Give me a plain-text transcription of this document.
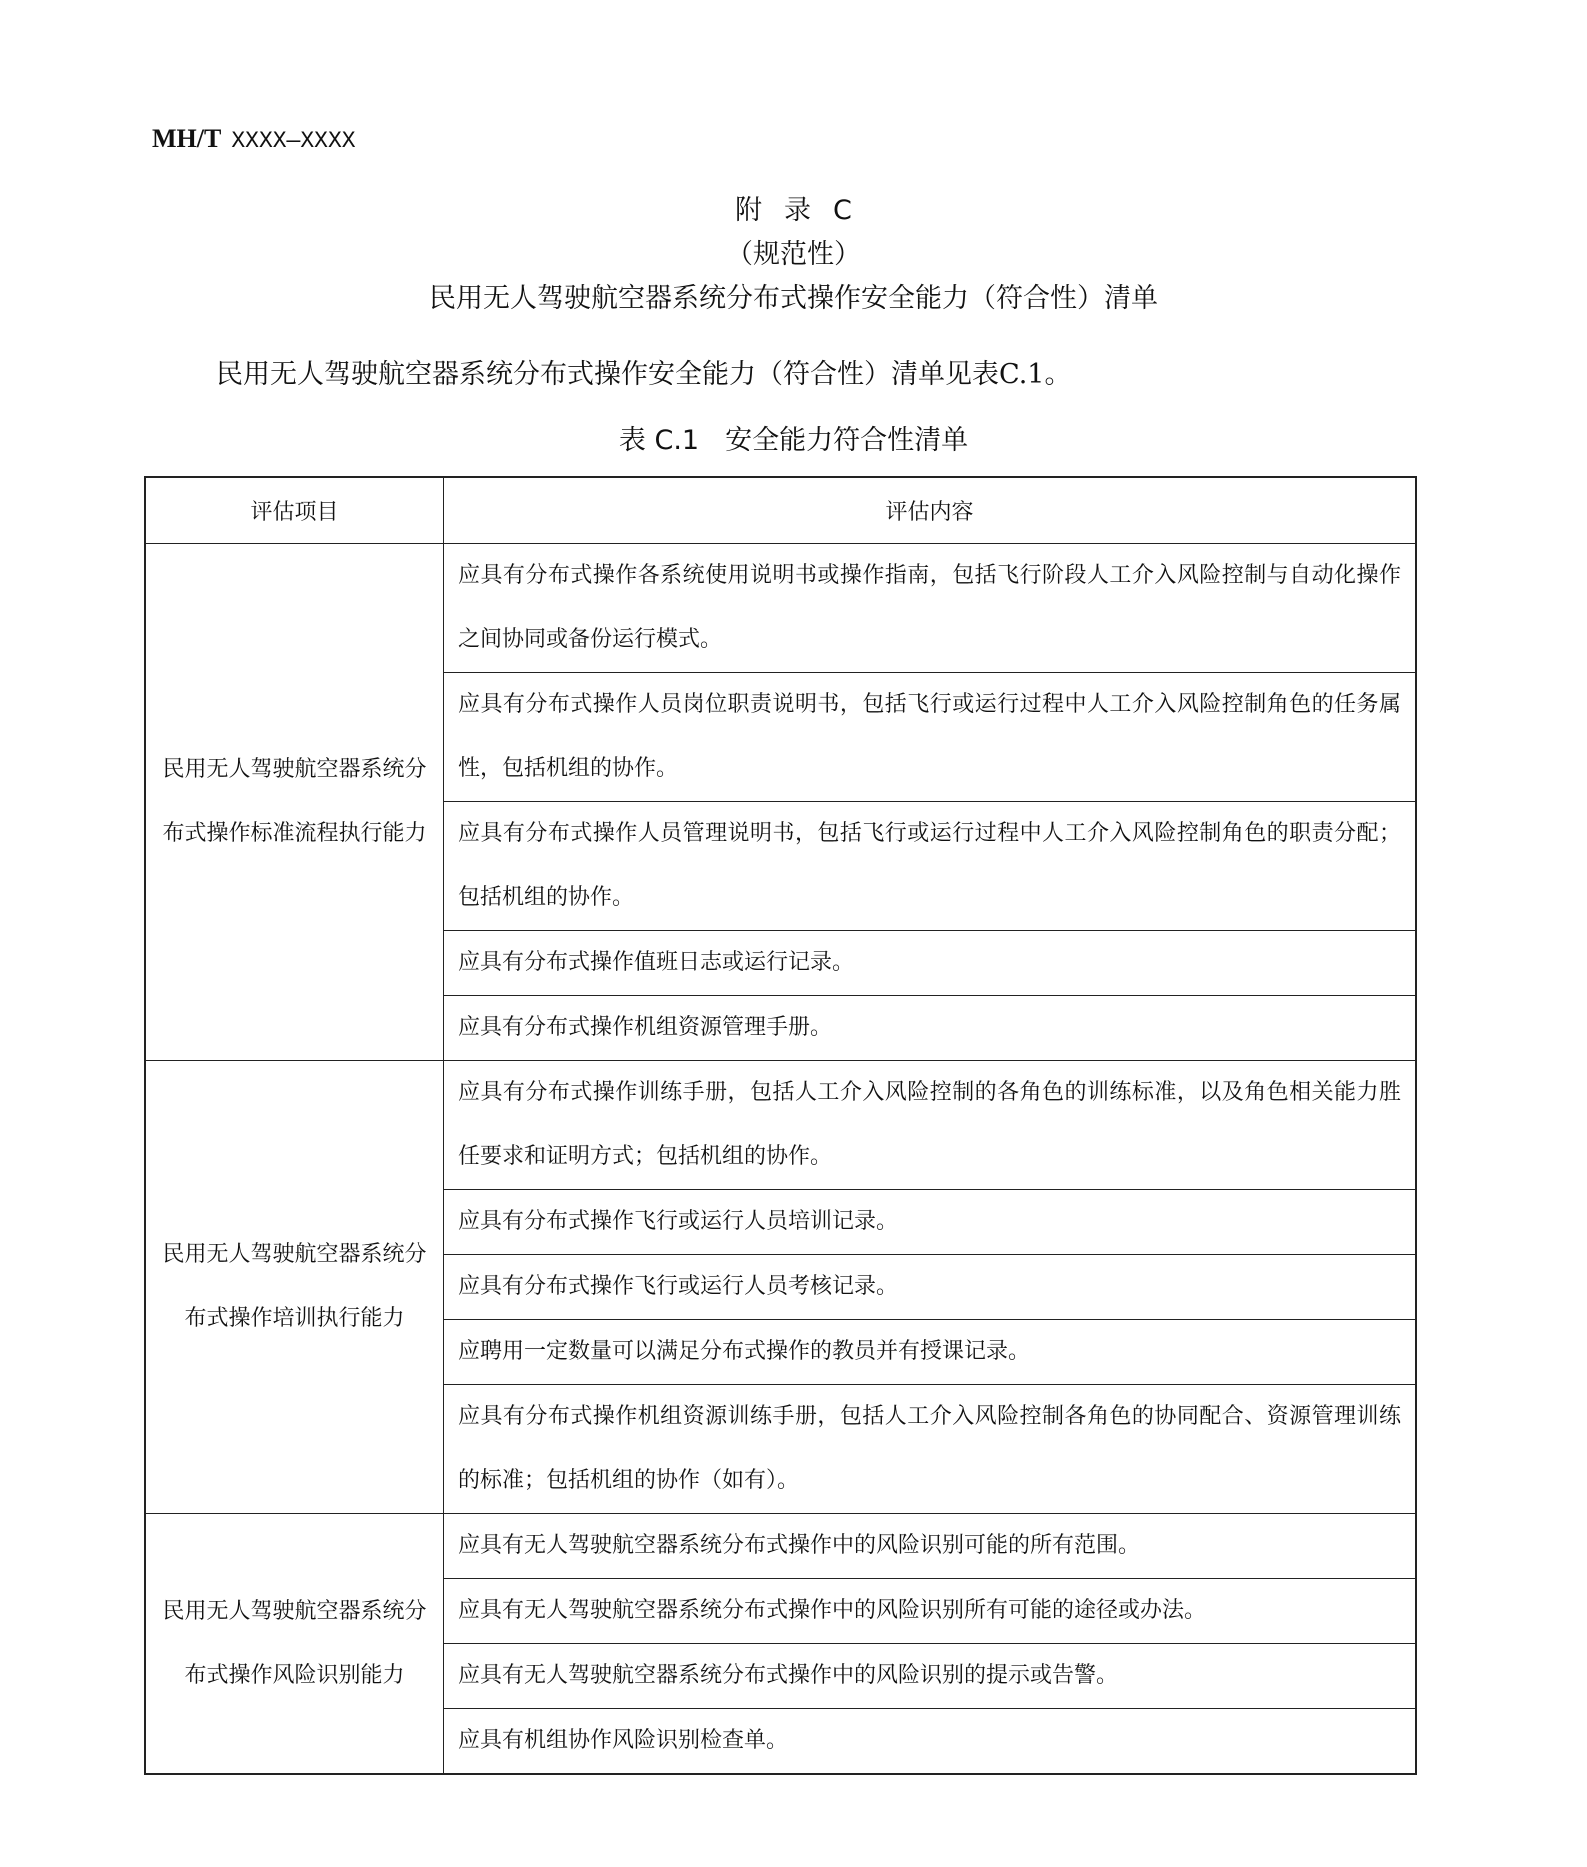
MH/T XXXX—XXXX
附录C
（规范性）
民用无人驾驶航空器系统分布式操作安全能力（符合性）清单
民用无人驾驶航空器系统分布式操作安全能力（符合性）清单见表C.1。
表 C.1 安全能力符合性清单
评估项目	评估内容
民用无人驾驶航空器系统分布式操作标准流程执行能力	应具有分布式操作各系统使用说明书或操作指南，包括飞行阶段人工介入风险控制与自动化操作之间协同或备份运行模式。
	应具有分布式操作人员岗位职责说明书，包括飞行或运行过程中人工介入风险控制角色的任务属性，包括机组的协作。
	应具有分布式操作人员管理说明书，包括飞行或运行过程中人工介入风险控制角色的职责分配；包括机组的协作。
	应具有分布式操作值班日志或运行记录。
	应具有分布式操作机组资源管理手册。
民用无人驾驶航空器系统分布式操作培训执行能力	应具有分布式操作训练手册，包括人工介入风险控制的各角色的训练标准，以及角色相关能力胜任要求和证明方式；包括机组的协作。
	应具有分布式操作飞行或运行人员培训记录。
	应具有分布式操作飞行或运行人员考核记录。
	应聘用一定数量可以满足分布式操作的教员并有授课记录。
	应具有分布式操作机组资源训练手册，包括人工介入风险控制各角色的协同配合、资源管理训练的标准；包括机组的协作（如有）。
民用无人驾驶航空器系统分布式操作风险识别能力	应具有无人驾驶航空器系统分布式操作中的风险识别可能的所有范围。
	应具有无人驾驶航空器系统分布式操作中的风险识别所有可能的途径或办法。
	应具有无人驾驶航空器系统分布式操作中的风险识别的提示或告警。
	应具有机组协作风险识别检查单。
